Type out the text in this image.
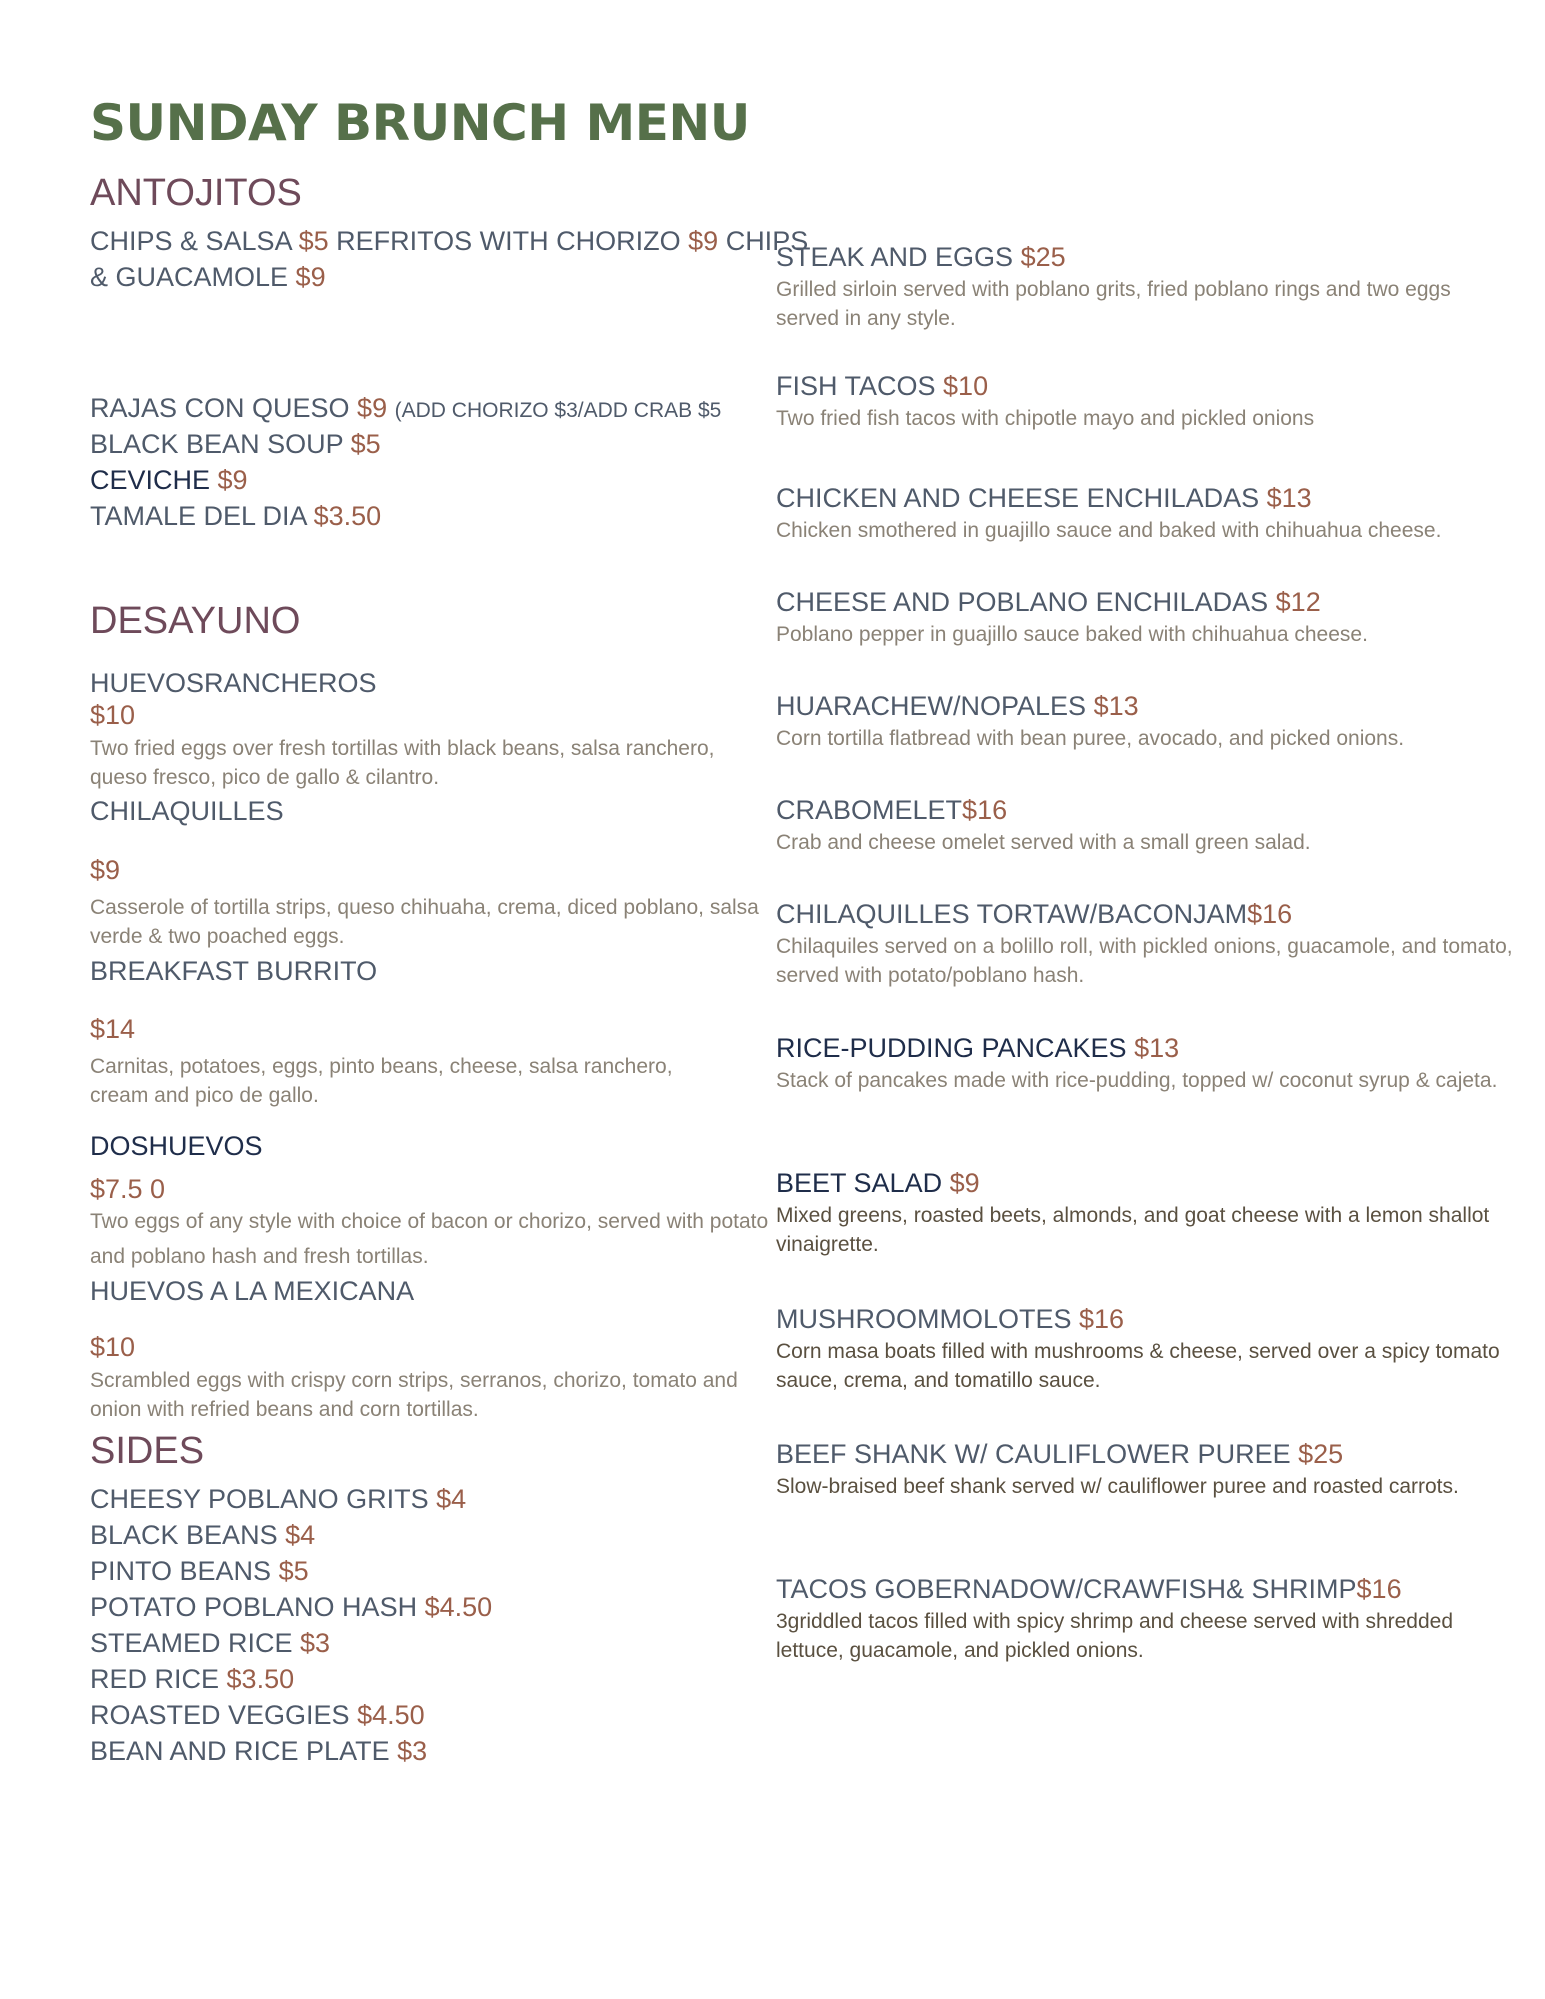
SUNDAY BRUNCH MENU
ANTOJITOS
CHIPS & SALSA $5 REFRITOS WITH CHORIZO $9 CHIPS
& GUACAMOLE $9
RAJAS CON QUESO $9 (ADD CHORIZO $3/ADD CRAB $5
BLACK BEAN SOUP $5
CEVICHE $9
TAMALE DEL DIA $3.50
DESAYUNO
HUEVOSRANCHEROS
$10
Two fried eggs over fresh tortillas with black beans, salsa ranchero, queso fresco, pico de gallo & cilantro.
CHILAQUILLES
$9
Casserole of tortilla strips, queso chihuaha, crema, diced poblano, salsa verde & two poached eggs.
BREAKFAST BURRITO
$14
Carnitas, potatoes, eggs, pinto beans, cheese, salsa ranchero, cream and pico de gallo.
DOSHUEVOS
$7.5 0
Two eggs of any style with choice of bacon or chorizo, served with potato and poblano hash and fresh tortillas.
HUEVOS A LA MEXICANA
$10
Scrambled eggs with crispy corn strips, serranos, chorizo, tomato and onion with refried beans and corn tortillas.
SIDES
CHEESY POBLANO GRITS $4
BLACK BEANS $4
PINTO BEANS $5
POTATO POBLANO HASH $4.50
STEAMED RICE $3
RED RICE $3.50
ROASTED VEGGIES $4.50
BEAN AND RICE PLATE $3
STEAK AND EGGS $25
Grilled sirloin served with poblano grits, fried poblano rings and two eggs served in any style.
FISH TACOS $10
Two fried fish tacos with chipotle mayo and pickled onions
CHICKEN AND CHEESE ENCHILADAS $13
Chicken smothered in guajillo sauce and baked with chihuahua cheese.
CHEESE AND POBLANO ENCHILADAS $12
Poblano pepper in guajillo sauce baked with chihuahua cheese.
HUARACHEW/NOPALES $13
Corn tortilla flatbread with bean puree, avocado, and picked onions.
CRABOMELET$16
Crab and cheese omelet served with a small green salad.
CHILAQUILLES TORTAW/BACONJAM$16
Chilaquiles served on a bolillo roll, with pickled onions, guacamole, and tomato, served with potato/poblano hash.
RICE-PUDDING PANCAKES $13
Stack of pancakes made with rice-pudding, topped w/ coconut syrup & cajeta.
BEET SALAD $9
Mixed greens, roasted beets, almonds, and goat cheese with a lemon shallot vinaigrette.
MUSHROOMMOLOTES $16
Corn masa boats filled with mushrooms & cheese, served over a spicy tomato sauce, crema, and tomatillo sauce.
BEEF SHANK W/ CAULIFLOWER PUREE $25
Slow-braised beef shank served w/ cauliflower puree and roasted carrots.
TACOS GOBERNADOW/CRAWFISH& SHRIMP$16
3griddled tacos filled with spicy shrimp and cheese served with shredded lettuce, guacamole, and pickled onions.
